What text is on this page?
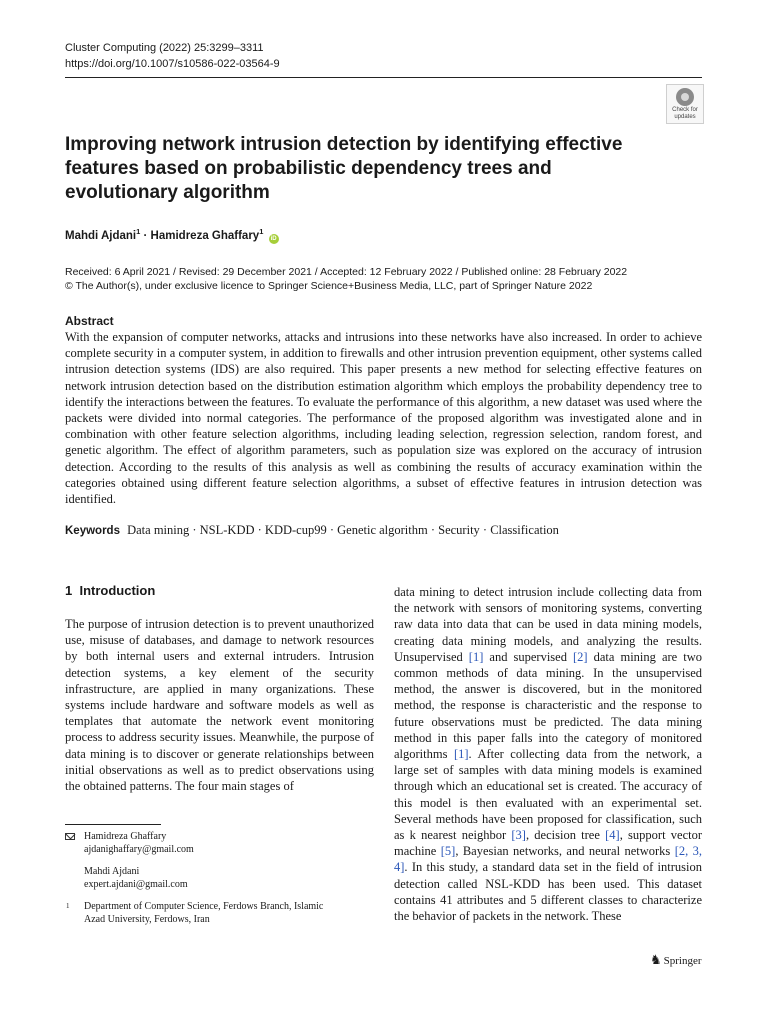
Cluster Computing (2022) 25:3299–3311
https://doi.org/10.1007/s10586-022-03564-9
Check for
updates
Improving network intrusion detection by identifying effective features based on probabilistic dependency trees and evolutionary algorithm
Mahdi Ajdani$^1$ · Hamidreza Ghaffary$^1$ iD
Received: 6 April 2021 / Revised: 29 December 2021 / Accepted: 12 February 2022 / Published online: 28 February 2022
© The Author(s), under exclusive licence to Springer Science+Business Media, LLC, part of Springer Nature 2022
Abstract

With the expansion of computer networks, attacks and intrusions into these networks have also increased. In order to achieve complete security in a computer system, in addition to firewalls and other intrusion prevention equipment, other systems called intrusion detection systems (IDS) are also required. This paper presents a new method for selecting effective features on network intrusion detection based on the distribution estimation algorithm which employs the probability dependency tree to identify the interactions between the features. To evaluate the performance of this algorithm, a new dataset was used where the packets were divided into normal categories. The performance of the proposed algorithm was investigated alone and in combination with other feature selection algorithms, including leading selection, regression selection, random forest, and genetic algorithm. The effect of algorithm parameters, such as population size was explored on the accuracy of intrusion detection. According to the results of this analysis as well as combining the results of accuracy examination within the categories obtained using different feature selection algorithms, a subset of effective features in intrusion detection was identified.

Keywords Data mining · NSL-KDD · KDD-cup99 · Genetic algorithm · Security · Classification
1 Introduction

The purpose of intrusion detection is to prevent unauthorized use, misuse of databases, and damage to network resources by both internal users and external intruders. Intrusion detection systems, a key element of the security infrastructure, are applied in many organizations. These systems include hardware and software models as well as templates that automate the network event monitoring process to address security issues. Meanwhile, the purpose of data mining is to discover or generate relationships between initial observations as well as to predict observations using the obtained patterns. The four main stages of

data mining to detect intrusion include collecting data from the network with sensors of monitoring systems, converting raw data into data that can be used in data mining models, creating data mining models, and analyzing the results. Unsupervised [1] and supervised [2] data mining are two common methods of data mining. In the unsupervised method, the answer is discovered, but in the monitored method, the response is characteristic and the response to future observations must be predicted. The data mining method in this paper falls into the category of monitored algorithms [1]. After collecting data from the network, a large set of samples with data mining models is examined through which an educational set is created. The accuracy of this model is then evaluated with an experimental set. Several methods have been proposed for classification, such as k nearest neighbor [3], decision tree [4], support vector machine [5], Bayesian networks, and neural networks [2, 3, 4]. In this study, a standard data set in the field of intrusion detection called NSL-KDD has been used. This dataset contains 41 attributes and 5 different classes to characterize the behavior of packets in the network. These

Hamidreza Ghaffary
ajdanighaffary@gmail.com
Mahdi Ajdani
expert.ajdani@gmail.com
1 Department of Computer Science, Ferdows Branch, Islamic
Azad University, Ferdows, Iran
♞ Springer
